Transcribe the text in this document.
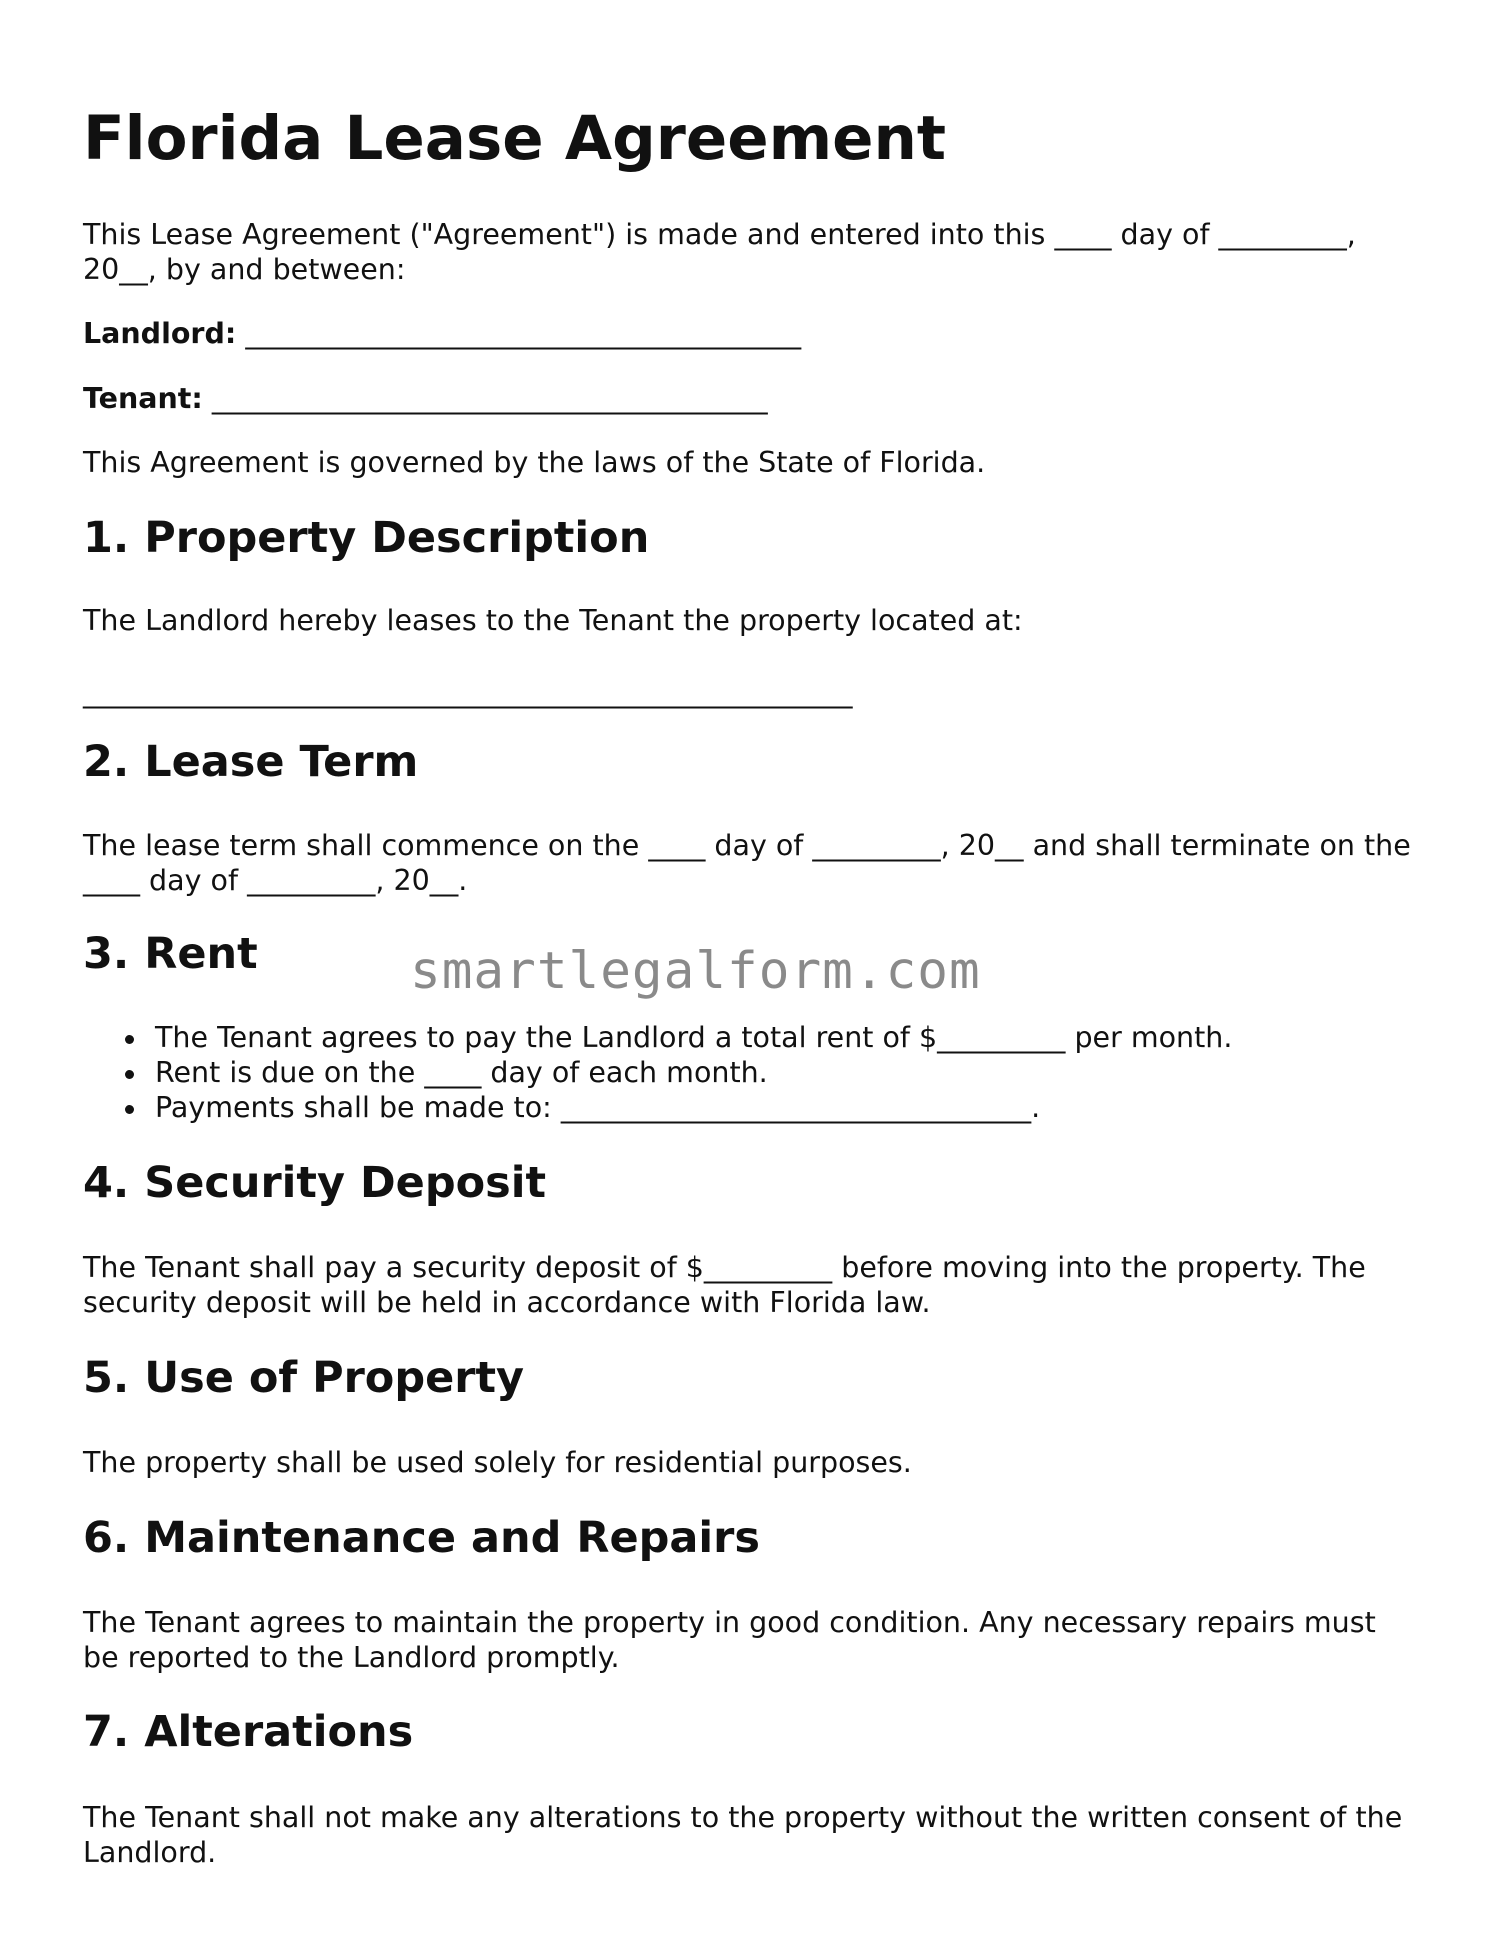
Florida Lease Agreement

This Lease Agreement ("Agreement") is made and entered into this ____ day of _________, 20__, by and between:

Landlord: _______________________________________

Tenant: _______________________________________

This Agreement is governed by the laws of the State of Florida.

1. Property Description

The Landlord hereby leases to the Tenant the property located at:

______________________________________________________

2. Lease Term

The lease term shall commence on the ____ day of _________, 20__ and shall terminate on the ____ day of _________, 20__.

3. Rent
The Tenant agrees to pay the Landlord a total rent of $_________ per month.
Rent is due on the ____ day of each month.
Payments shall be made to: _________________________________.
4. Security Deposit

The Tenant shall pay a security deposit of $_________ before moving into the property. The security deposit will be held in accordance with Florida law.

5. Use of Property

The property shall be used solely for residential purposes.

6. Maintenance and Repairs

The Tenant agrees to maintain the property in good condition. Any necessary repairs must be reported to the Landlord promptly.

7. Alterations

The Tenant shall not make any alterations to the property without the written consent of the Landlord.

smartlegalform.com
